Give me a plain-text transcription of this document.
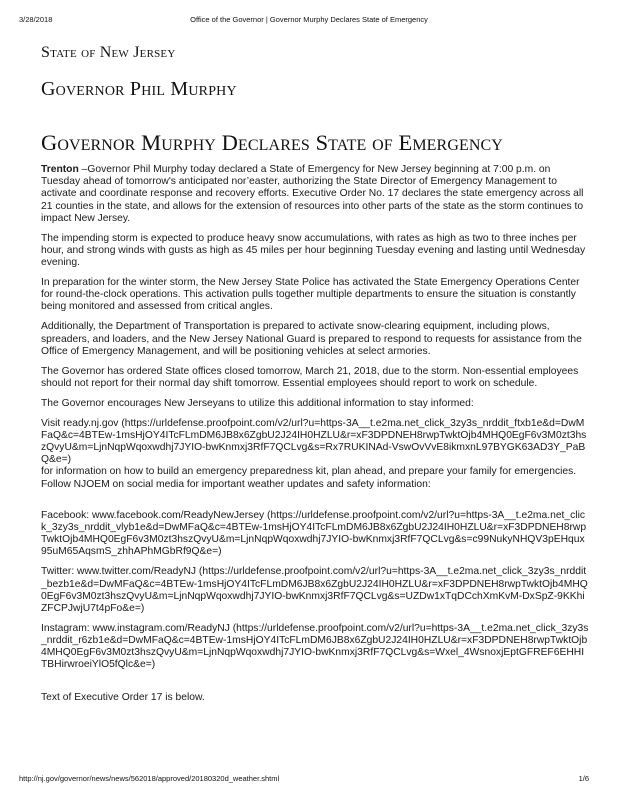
3/28/2018	Office of the Governor | Governor Murphy Declares State of Emergency
State of New Jersey
Governor Phil Murphy
Governor Murphy Declares State of Emergency

Trenton –Governor Phil Murphy today declared a State of Emergency for New Jersey beginning at 7:00 p.m. on Tuesday ahead of tomorrow's anticipated nor’easter, authorizing the State Director of Emergency Management to activate and coordinate response and recovery efforts. Executive Order No. 17 declares the state emergency across all 21 counties in the state, and allows for the extension of resources into other parts of the state as the storm continues to impact New Jersey.

The impending storm is expected to produce heavy snow accumulations, with rates as high as two to three inches per hour, and strong winds with gusts as high as 45 miles per hour beginning Tuesday evening and lasting until Wednesday evening.

In preparation for the winter storm, the New Jersey State Police has activated the State Emergency Operations Center for round-the-clock operations. This activation pulls together multiple departments to ensure the situation is constantly being monitored and assessed from critical angles.

Additionally, the Department of Transportation is prepared to activate snow-clearing equipment, including plows, spreaders, and loaders, and the New Jersey National Guard is prepared to respond to requests for assistance from the Office of Emergency Management, and will be positioning vehicles at select armories.

The Governor has ordered State offices closed tomorrow, March 21, 2018, due to the storm. Non-essential employees should not report for their normal day shift tomorrow. Essential employees should report to work on schedule.

The Governor encourages New Jerseyans to utilize this additional information to stay informed:

Visit ready.nj.gov (https://urldefense.proofpoint.com/v2/url?u=https-3A__t.e2ma.net_click_3zy3s_nrddit_ftxb1e&d=DwMFaQ&c=4BTEw-1msHjOY4ITcFLmDM6JB8x6ZgbU2J24IH0HZLU&r=xF3DPDNEH8rwpTwktOjb4MHQ0EgF6v3M0zt3hszQvyU&m=LjnNqpWqoxwdhj7JYIO-bwKnmxj3RfF7QCLvg&s=Rx7RUKINAd-VswOvVvE8ikmxnL97BYGK63AD3Y_PaBQ&e=)
for information on how to build an emergency preparedness kit, plan ahead, and prepare your family for emergencies. Follow NJOEM on social media for important weather updates and safety information:

Facebook: www.facebook.com/ReadyNewJersey (https://urldefense.proofpoint.com/v2/url?u=https-3A__t.e2ma.net_click_3zy3s_nrddit_vlyb1e&d=DwMFaQ&c=4BTEw-1msHjOY4ITcFLmDM6JB8x6ZgbU2J24IH0HZLU&r=xF3DPDNEH8rwpTwktOjb4MHQ0EgF6v3M0zt3hszQvyU&m=LjnNqpWqoxwdhj7JYIO-bwKnmxj3RfF7QCLvg&s=c99NukyNHQV3pEHqux95uM65AqsmS_zhhAPhMGbRf9Q&e=)

Twitter: www.twitter.com/ReadyNJ (https://urldefense.proofpoint.com/v2/url?u=https-3A__t.e2ma.net_click_3zy3s_nrddit_bezb1e&d=DwMFaQ&c=4BTEw-1msHjOY4ITcFLmDM6JB8x6ZgbU2J24IH0HZLU&r=xF3DPDNEH8rwpTwktOjb4MHQ0EgF6v3M0zt3hszQvyU&m=LjnNqpWqoxwdhj7JYIO-bwKnmxj3RfF7QCLvg&s=UZDw1xTqDCchXmKvM-DxSpZ-9KKhiZFCPJwjU7t4pFo&e=)

Instagram: www.instagram.com/ReadyNJ (https://urldefense.proofpoint.com/v2/url?u=https-3A__t.e2ma.net_click_3zy3s_nrddit_r6zb1e&d=DwMFaQ&c=4BTEw-1msHjOY4ITcFLmDM6JB8x6ZgbU2J24IH0HZLU&r=xF3DPDNEH8rwpTwktOjb4MHQ0EgF6v3M0zt3hszQvyU&m=LjnNqpWqoxwdhj7JYIO-bwKnmxj3RfF7QCLvg&s=Wxel_4WsnoxjEptGFREF6EHHITBHirwroeiYlO5fQlc&e=)

Text of Executive Order 17 is below.

http://nj.gov/governor/news/news/562018/approved/20180320d_weather.shtml	1/6
